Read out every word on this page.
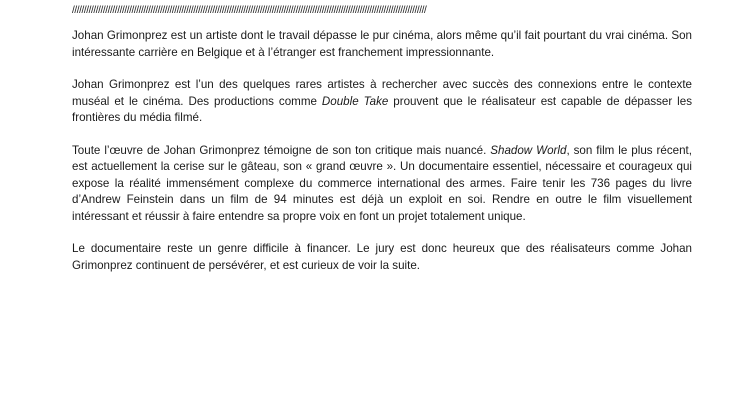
/////////////////////////////////////////////////////////////////////////////////////////////////////////////////////////////////////////////////////

Johan Grimonprez est un artiste dont le travail dépasse le pur cinéma, alors même qu’il fait pourtant du vrai cinéma. Son intéressante carrière en Belgique et à l’étranger est franchement impressionnante.

Johan Grimonprez est l’un des quelques rares artistes à rechercher avec succès des connexions entre le contexte muséal et le cinéma. Des productions comme Double Take prouvent que le réalisateur est capable de dépasser les frontières du média filmé.

Toute l’œuvre de Johan Grimonprez témoigne de son ton critique mais nuancé. Shadow World, son film le plus récent, est actuellement la cerise sur le gâteau, son « grand œuvre ». Un documentaire essentiel, nécessaire et courageux qui expose la réalité immensément complexe du commerce international des armes. Faire tenir les 736 pages du livre d’Andrew Feinstein dans un film de 94 minutes est déjà un exploit en soi. Rendre en outre le film visuellement intéressant et réussir à faire entendre sa propre voix en font un projet totalement unique.

Le documentaire reste un genre difficile à financer. Le jury est donc heureux que des réalisateurs comme Johan Grimonprez continuent de persévérer, et est curieux de voir la suite.
